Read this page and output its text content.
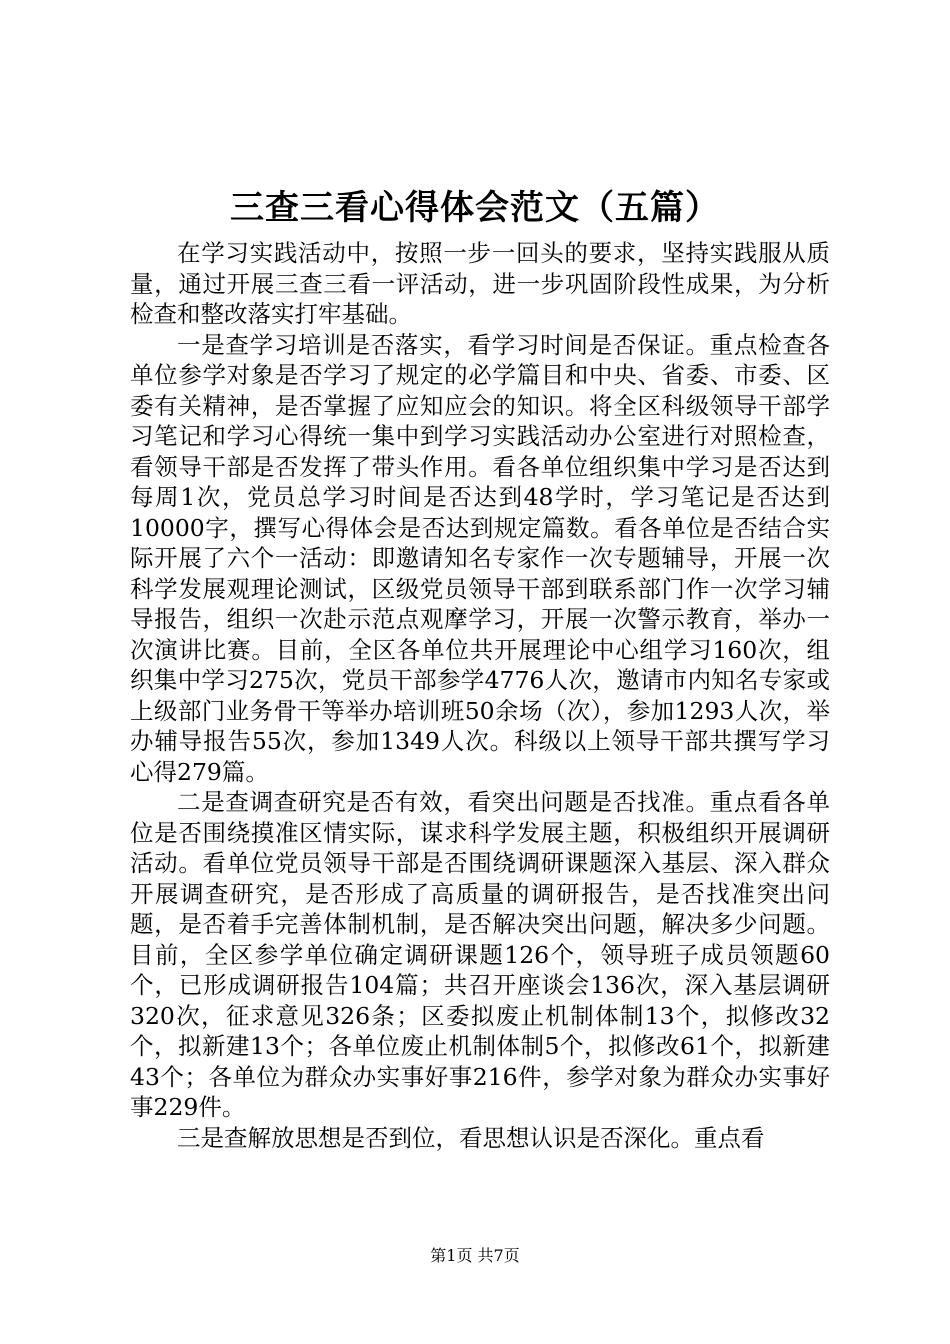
三查三看心得体会范文（五篇）

在学习实践活动中，按照一步一回头的要求，坚持实践服从质量，通过开展三查三看一评活动，进一步巩固阶段性成果，为分析检查和整改落实打牢基础。

一是查学习培训是否落实，看学习时间是否保证。重点检查各单位参学对象是否学习了规定的必学篇目和中央、省委、市委、区委有关精神，是否掌握了应知应会的知识。将全区科级领导干部学习笔记和学习心得统一集中到学习实践活动办公室进行对照检查，看领导干部是否发挥了带头作用。看各单位组织集中学习是否达到每周1次，党员总学习时间是否达到48学时，学习笔记是否达到10000字，撰写心得体会是否达到规定篇数。看各单位是否结合实际开展了六个一活动：即邀请知名专家作一次专题辅导，开展一次科学发展观理论测试，区级党员领导干部到联系部门作一次学习辅导报告，组织一次赴示范点观摩学习，开展一次警示教育，举办一次演讲比赛。目前，全区各单位共开展理论中心组学习160次，组织集中学习275次，党员干部参学4776人次，邀请市内知名专家或上级部门业务骨干等举办培训班50余场（次），参加1293人次，举办辅导报告55次，参加1349人次。科级以上领导干部共撰写学习心得279篇。

二是查调查研究是否有效，看突出问题是否找准。重点看各单位是否围绕摸准区情实际，谋求科学发展主题，积极组织开展调研活动。看单位党员领导干部是否围绕调研课题深入基层、深入群众开展调查研究，是否形成了高质量的调研报告，是否找准突出问题，是否着手完善体制机制，是否解决突出问题，解决多少问题。目前，全区参学单位确定调研课题126个，领导班子成员领题60个，已形成调研报告104篇；共召开座谈会136次，深入基层调研320次，征求意见326条；区委拟废止机制体制13个，拟修改32个，拟新建13个；各单位废止机制体制5个，拟修改61个，拟新建43个；各单位为群众办实事好事216件，参学对象为群众办实事好事229件。

三是查解放思想是否到位，看思想认识是否深化。重点看

第1页 共7页
